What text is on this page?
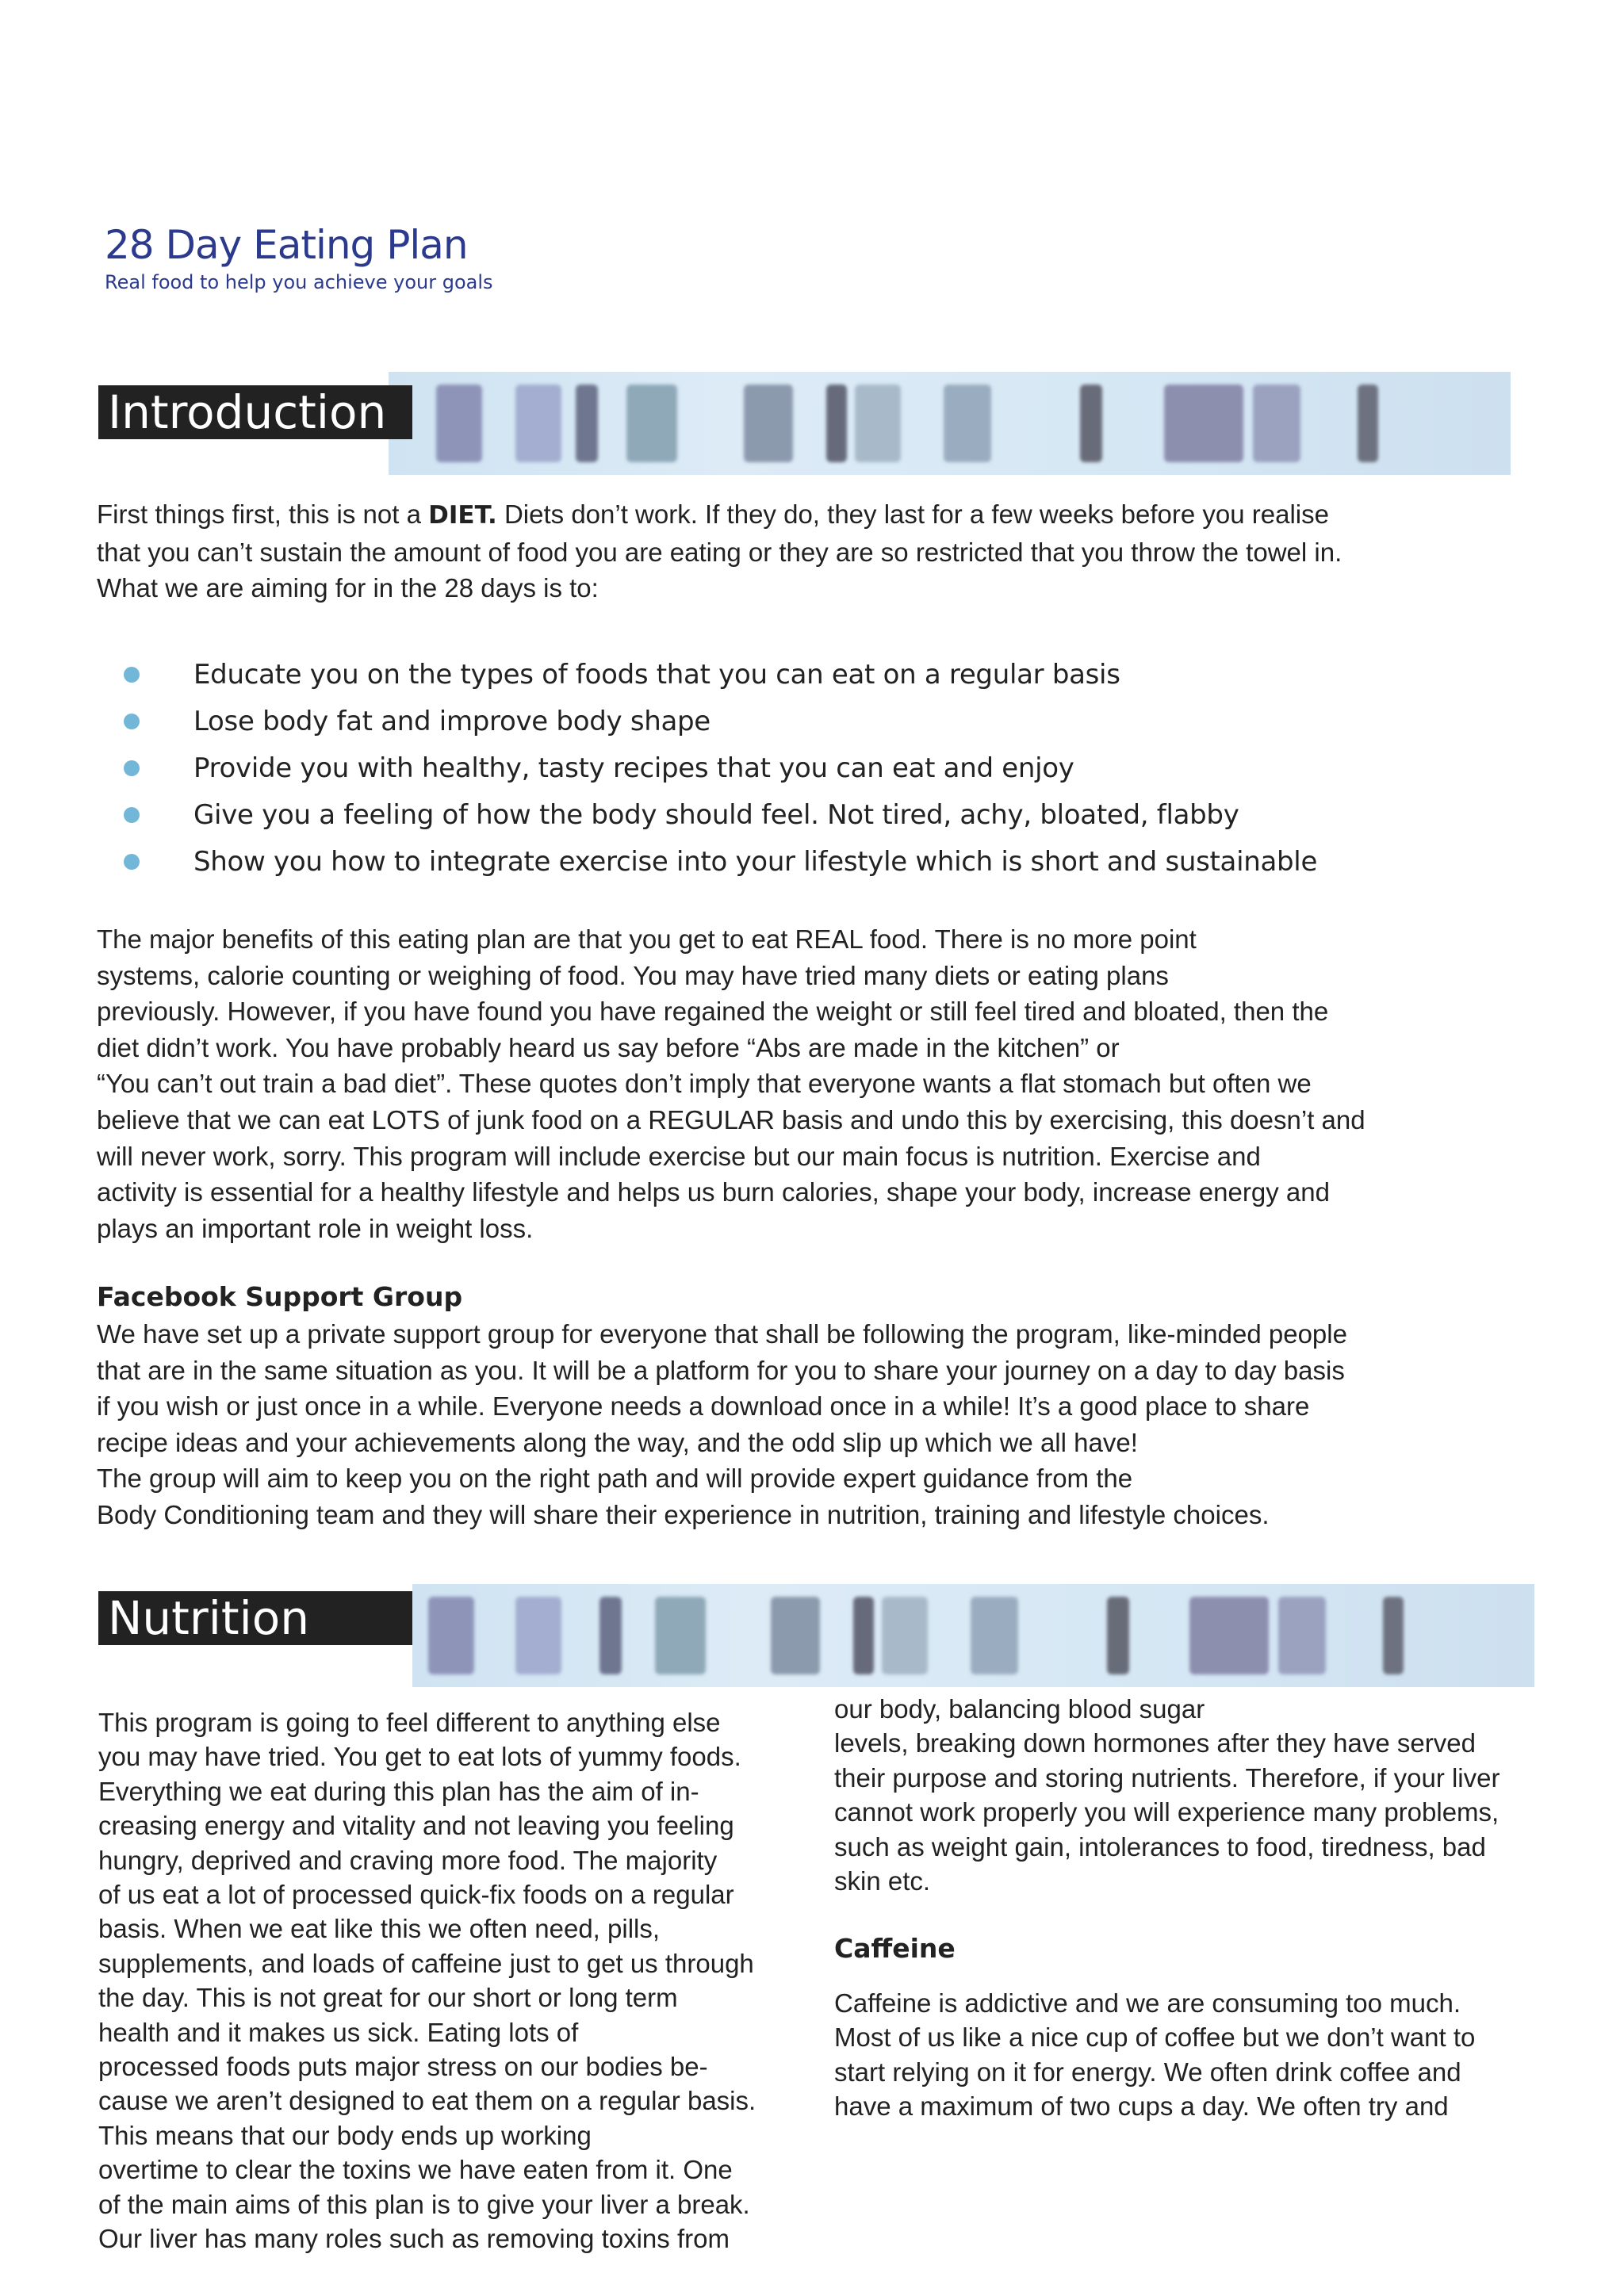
28 Day Eating Plan
Real food to help you achieve your goals
Introduction
First things first, this is not a DIET. Diets don’t work. If they do, they last for a few weeks before you realise
that you can’t sustain the amount of food you are eating or they are so restricted that you throw the towel in.
What we are aiming for in the 28 days is to:
Educate you on the types of foods that you can eat on a regular basis
Lose body fat and improve body shape
Provide you with healthy, tasty recipes that you can eat and enjoy
Give you a feeling of how the body should feel. Not tired, achy, bloated, flabby
Show you how to integrate exercise into your lifestyle which is short and sustainable
The major benefits of this eating plan are that you get to eat REAL food. There is no more point
systems, calorie counting or weighing of food. You may have tried many diets or eating plans
previously. However, if you have found you have regained the weight or still feel tired and bloated, then the
diet didn’t work. You have probably heard us say before “Abs are made in the kitchen” or
“You can’t out train a bad diet”. These quotes don’t imply that everyone wants a flat stomach but often we
believe that we can eat LOTS of junk food on a REGULAR basis and undo this by exercising, this doesn’t and
will never work, sorry. This program will include exercise but our main focus is nutrition. Exercise and
activity is essential for a healthy lifestyle and helps us burn calories, shape your body, increase energy and
plays an important role in weight loss.
Facebook Support Group
We have set up a private support group for everyone that shall be following the program, like-minded people
that are in the same situation as you. It will be a platform for you to share your journey on a day to day basis
if you wish or just once in a while. Everyone needs a download once in a while! It’s a good place to share
recipe ideas and your achievements along the way, and the odd slip up which we all have!
The group will aim to keep you on the right path and will provide expert guidance from the
Body Conditioning team and they will share their experience in nutrition, training and lifestyle choices.
Nutrition
This program is going to feel different to anything else
you may have tried. You get to eat lots of yummy foods.
Everything we eat during this plan has the aim of in-
creasing energy and vitality and not leaving you feeling
hungry, deprived and craving more food. The majority
of us eat a lot of processed quick-fix foods on a regular
basis. When we eat like this we often need, pills,
supplements, and loads of caffeine just to get us through
the day. This is not great for our short or long term
health and it makes us sick. Eating lots of
processed foods puts major stress on our bodies be-
cause we aren’t designed to eat them on a regular basis.
This means that our body ends up working
overtime to clear the toxins we have eaten from it. One
of the main aims of this plan is to give your liver a break.
Our liver has many roles such as removing toxins from
our body, balancing blood sugar
levels, breaking down hormones after they have served
their purpose and storing nutrients. Therefore, if your liver
cannot work properly you will experience many problems,
such as weight gain, intolerances to food, tiredness, bad
skin etc.
Caffeine
Caffeine is addictive and we are consuming too much.
Most of us like a nice cup of coffee but we don’t want to
start relying on it for energy. We often drink coffee and
have a maximum of two cups a day. We often try and
